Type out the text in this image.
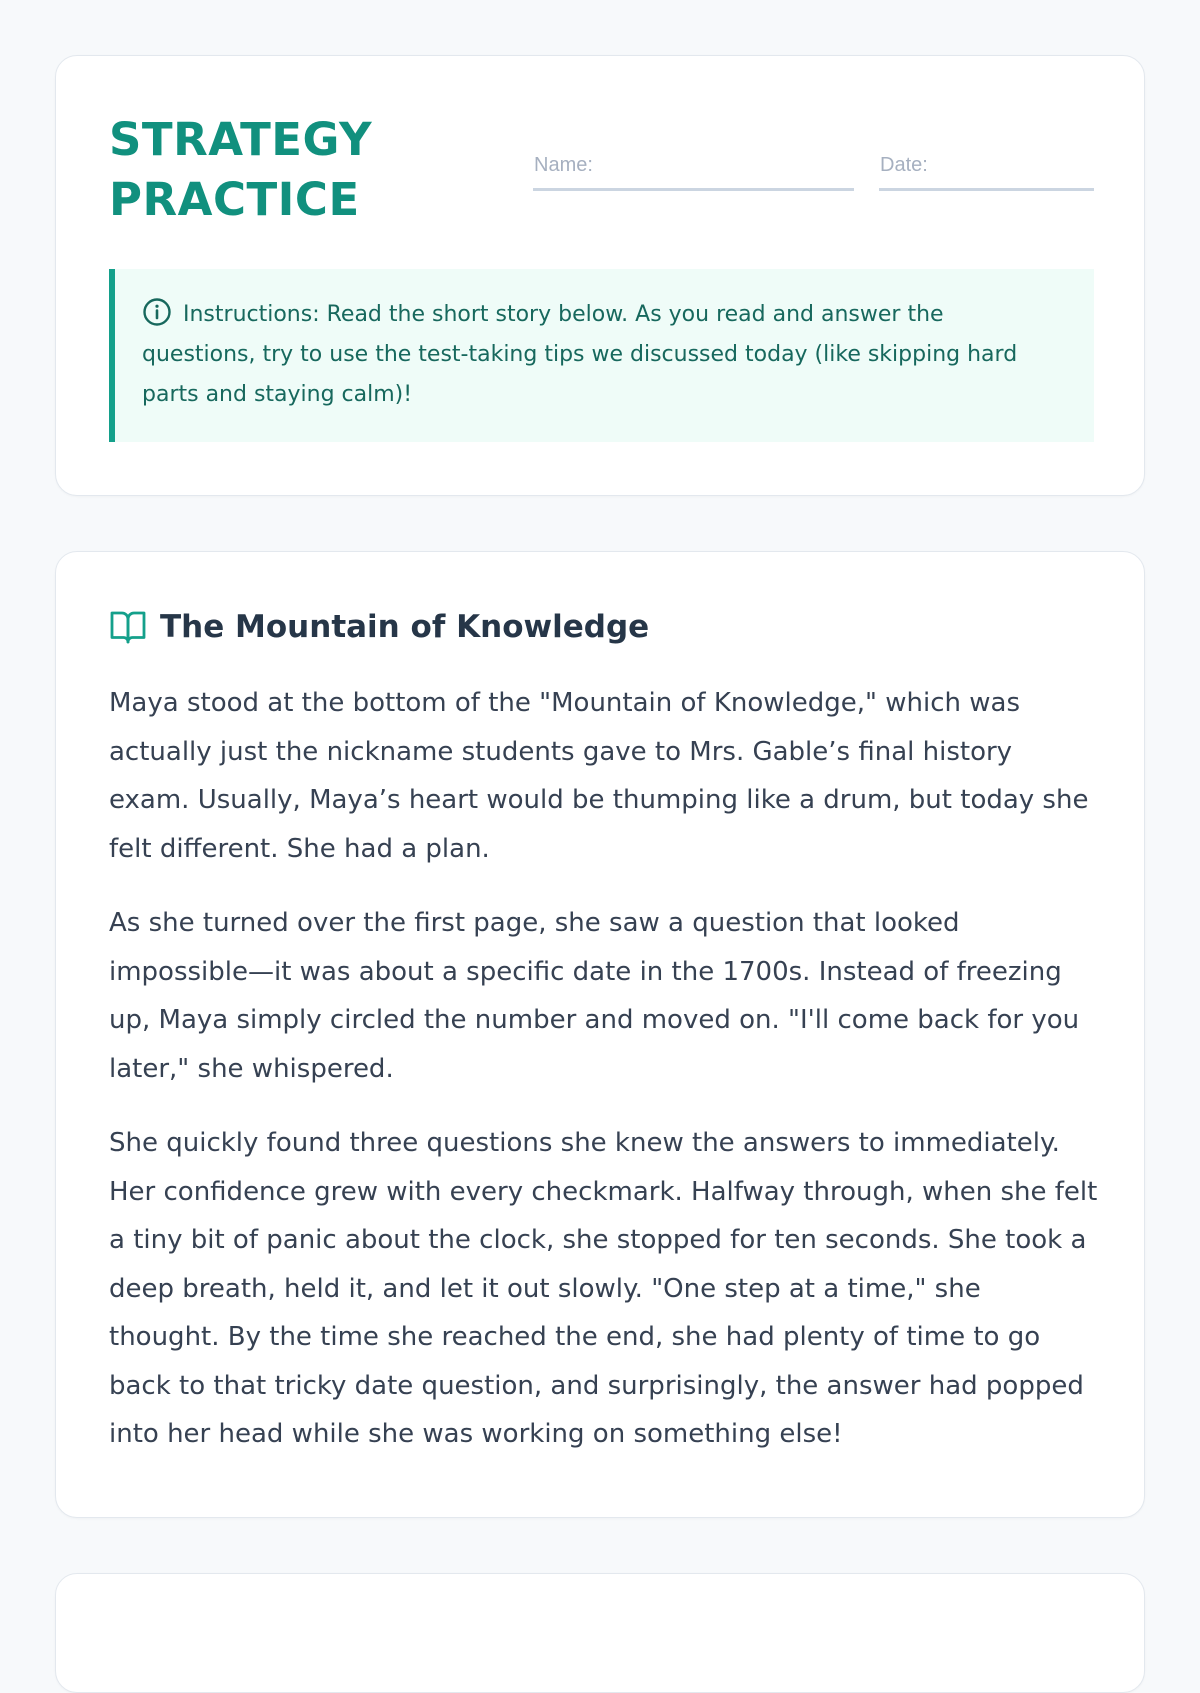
STRATEGY
PRACTICE
Name:	Date:

Instructions: Read the short story below. As you read and answer the questions, try to use the test-taking tips we discussed today (like skipping hard parts and staying calm)!

The Mountain of Knowledge

Maya stood at the bottom of the "Mountain of Knowledge," which was actually just the nickname students gave to Mrs. Gable’s final history exam. Usually, Maya’s heart would be thumping like a drum, but today she felt different. She had a plan.

As she turned over the first page, she saw a question that looked impossible—it was about a specific date in the 1700s. Instead of freezing up, Maya simply circled the number and moved on. "I'll come back for you later," she whispered.

She quickly found three questions she knew the answers to immediately. Her confidence grew with every checkmark. Halfway through, when she felt a tiny bit of panic about the clock, she stopped for ten seconds. She took a deep breath, held it, and let it out slowly. "One step at a time," she thought. By the time she reached the end, she had plenty of time to go back to that tricky date question, and surprisingly, the answer had popped into her head while she was working on something else!
